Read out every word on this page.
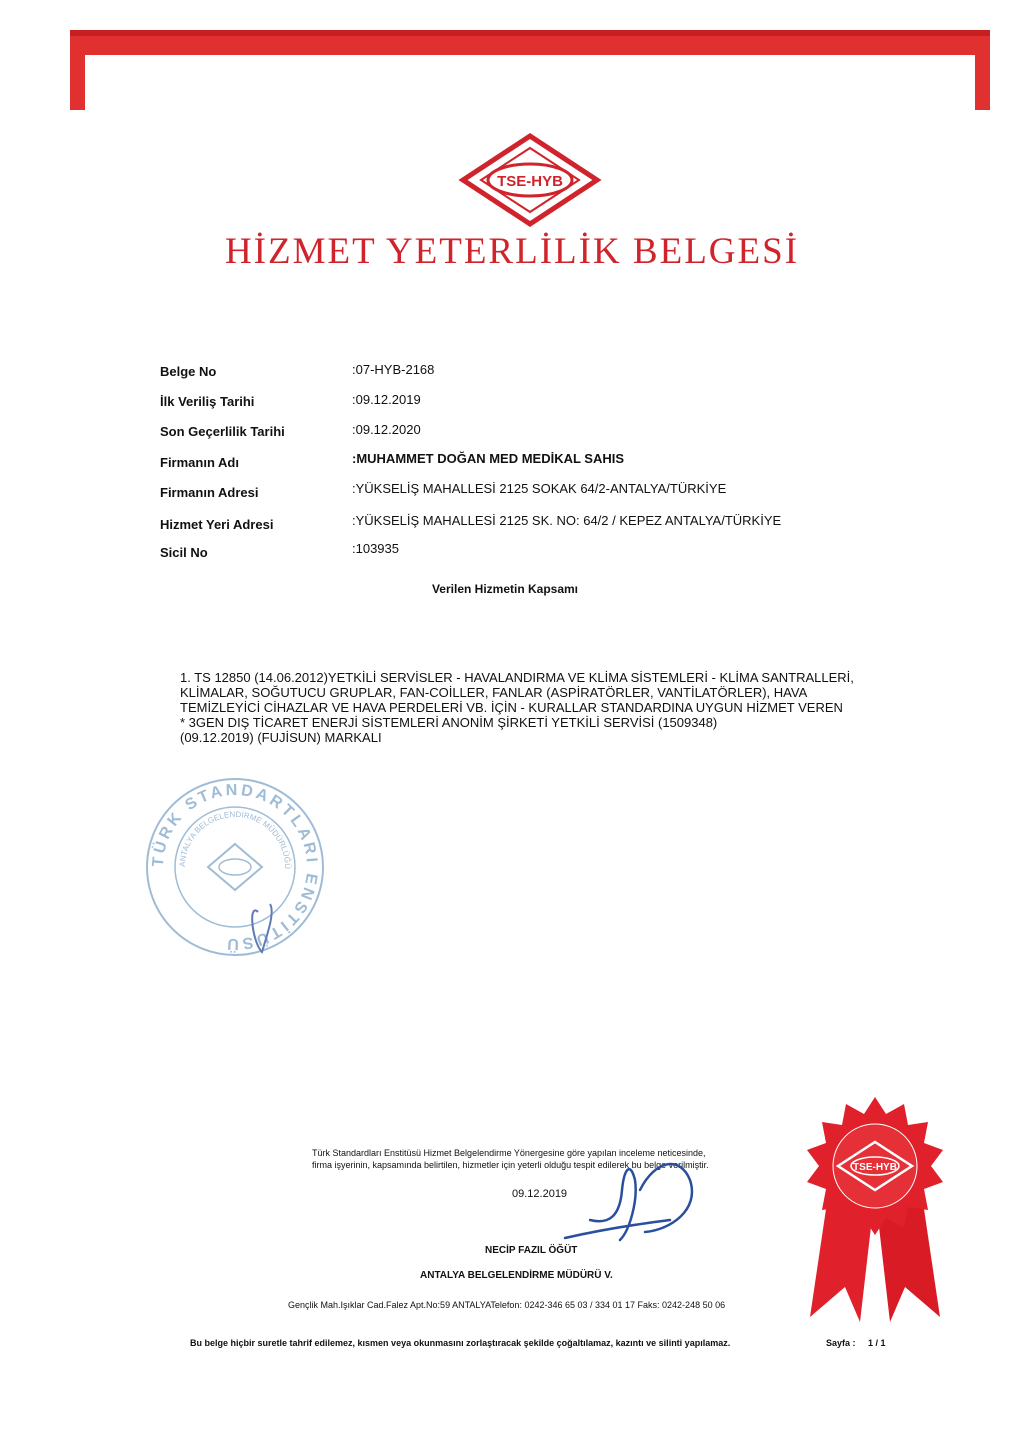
TSE-HYB
HİZMET YETERLİLİK BELGESİ
Belge No	:07-HYB-2168
İlk Veriliş Tarihi	:09.12.2019
Son Geçerlilik Tarihi	:09.12.2020
Firmanın Adı	:MUHAMMET DOĞAN MED MEDİKAL SAHIS
Firmanın Adresi	:YÜKSELİŞ MAHALLESİ 2125 SOKAK 64/2-ANTALYA/TÜRKİYE
Hizmet Yeri Adresi	:YÜKSELİŞ MAHALLESİ 2125 SK. NO: 64/2 / KEPEZ ANTALYA/TÜRKİYE
Sicil No	:103935
Verilen Hizmetin Kapsamı
1. TS 12850 (14.06.2012)YETKİLİ SERVİSLER - HAVALANDIRMA VE KLİMA SİSTEMLERİ - KLİMA SANTRALLERİ,
KLİMALAR, SOĞUTUCU GRUPLAR, FAN-COİLLER, FANLAR (ASPİRATÖRLER, VANTİLATÖRLER), HAVA
TEMİZLEYİCİ CİHAZLAR VE HAVA PERDELERİ VB. İÇİN - KURALLAR STANDARDINA UYGUN HİZMET VEREN
* 3GEN DIŞ TİCARET ENERJİ SİSTEMLERİ ANONİM ŞİRKETİ YETKİLİ SERVİSİ (1509348)
(09.12.2019) (FUJİSUN) MARKALI
TÜRK STANDARTLARI ENSTİTÜSÜ
ANTALYA BELGELENDİRME MÜDÜRLÜĞÜ
Türk Standardları Enstitüsü Hizmet Belgelendirme Yönergesine göre yapılan inceleme neticesinde,
firma işyerinin, kapsamında belirtilen, hizmetler için yeterli olduğu tespit edilerek bu belge verilmiştir.
09.12.2019
NECİP FAZIL ÖĞÜT
ANTALYA BELGELENDİRME MÜDÜRÜ V.
TSE-HYB
Gençlik Mah.Işıklar Cad.Falez Apt.No:59 ANTALYATelefon: 0242-346 65 03 / 334 01 17 Faks: 0242-248 50 06
Bu belge hiçbir suretle tahrif edilemez, kısmen veya okunmasını zorlaştıracak şekilde çoğaltılamaz, kazıntı ve silinti yapılamaz.	Sayfa : 1 / 1
